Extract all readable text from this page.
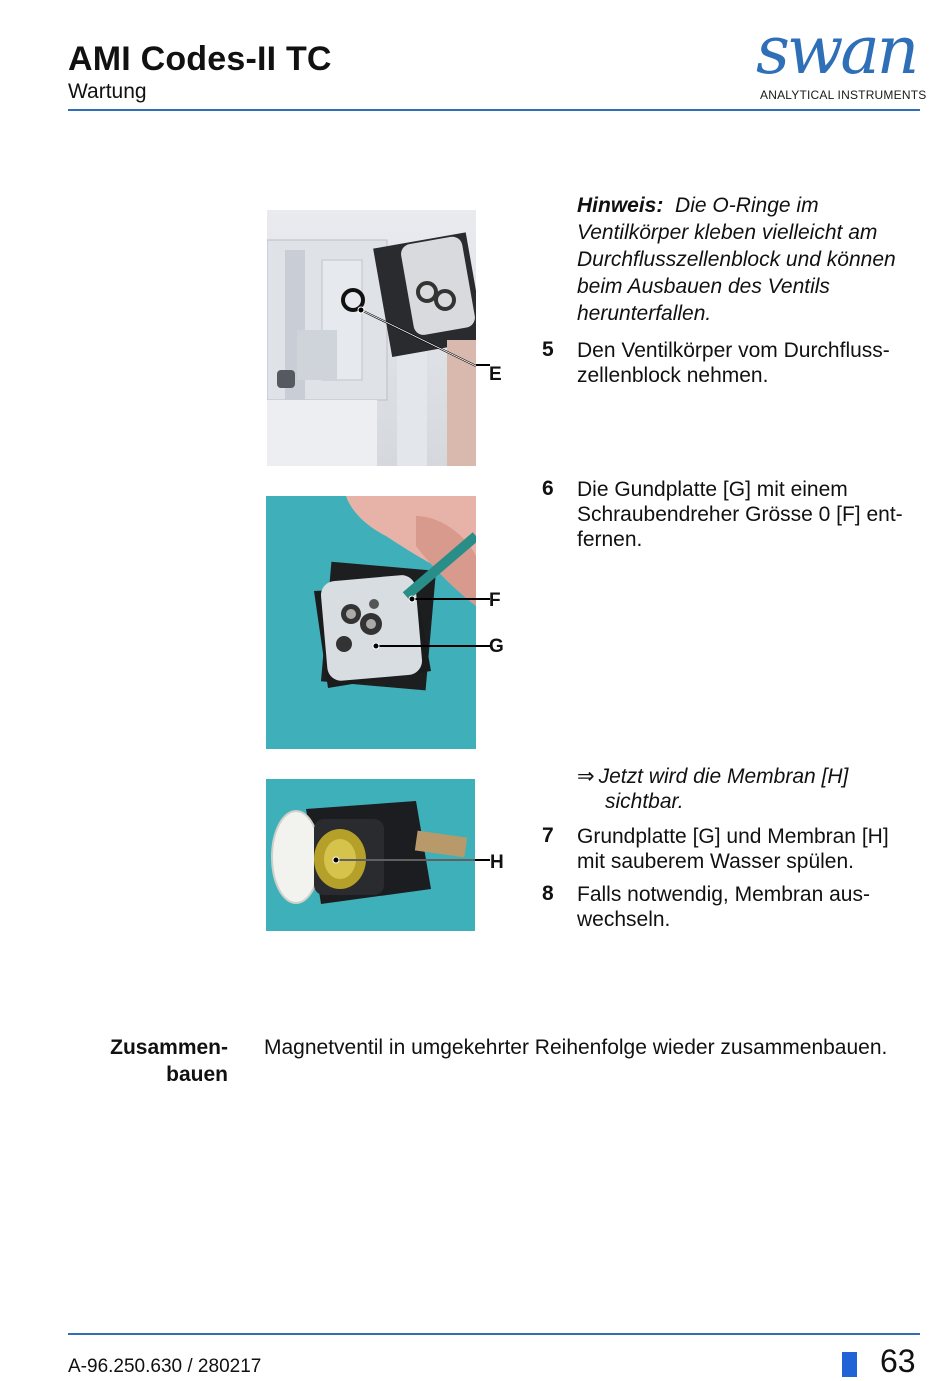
AMI Codes-II TC
Wartung
swan
ANALYTICAL INSTRUMENTS
E
F
G
H
Hinweis: Die O-Ringe im
Ventilkörper kleben vielleicht am
Durchflusszellenblock und können
beim Ausbauen des Ventils
herunterfallen.
5 Den Ventilkörper vom Durchfluss-
zellenblock nehmen.
6 Die Gundplatte [G] mit einem
Schraubendreher Grösse 0 [F] ent-
fernen.
⇒ Jetzt wird die Membran [H]
sichtbar.
7 Grundplatte [G] und Membran [H]
mit sauberem Wasser spülen.
8 Falls notwendig, Membran aus-
wechseln.
Zusammen-
bauen
Magnetventil in umgekehrter Reihenfolge wieder zusammenbauen.
A-96.250.630 / 280217	63
